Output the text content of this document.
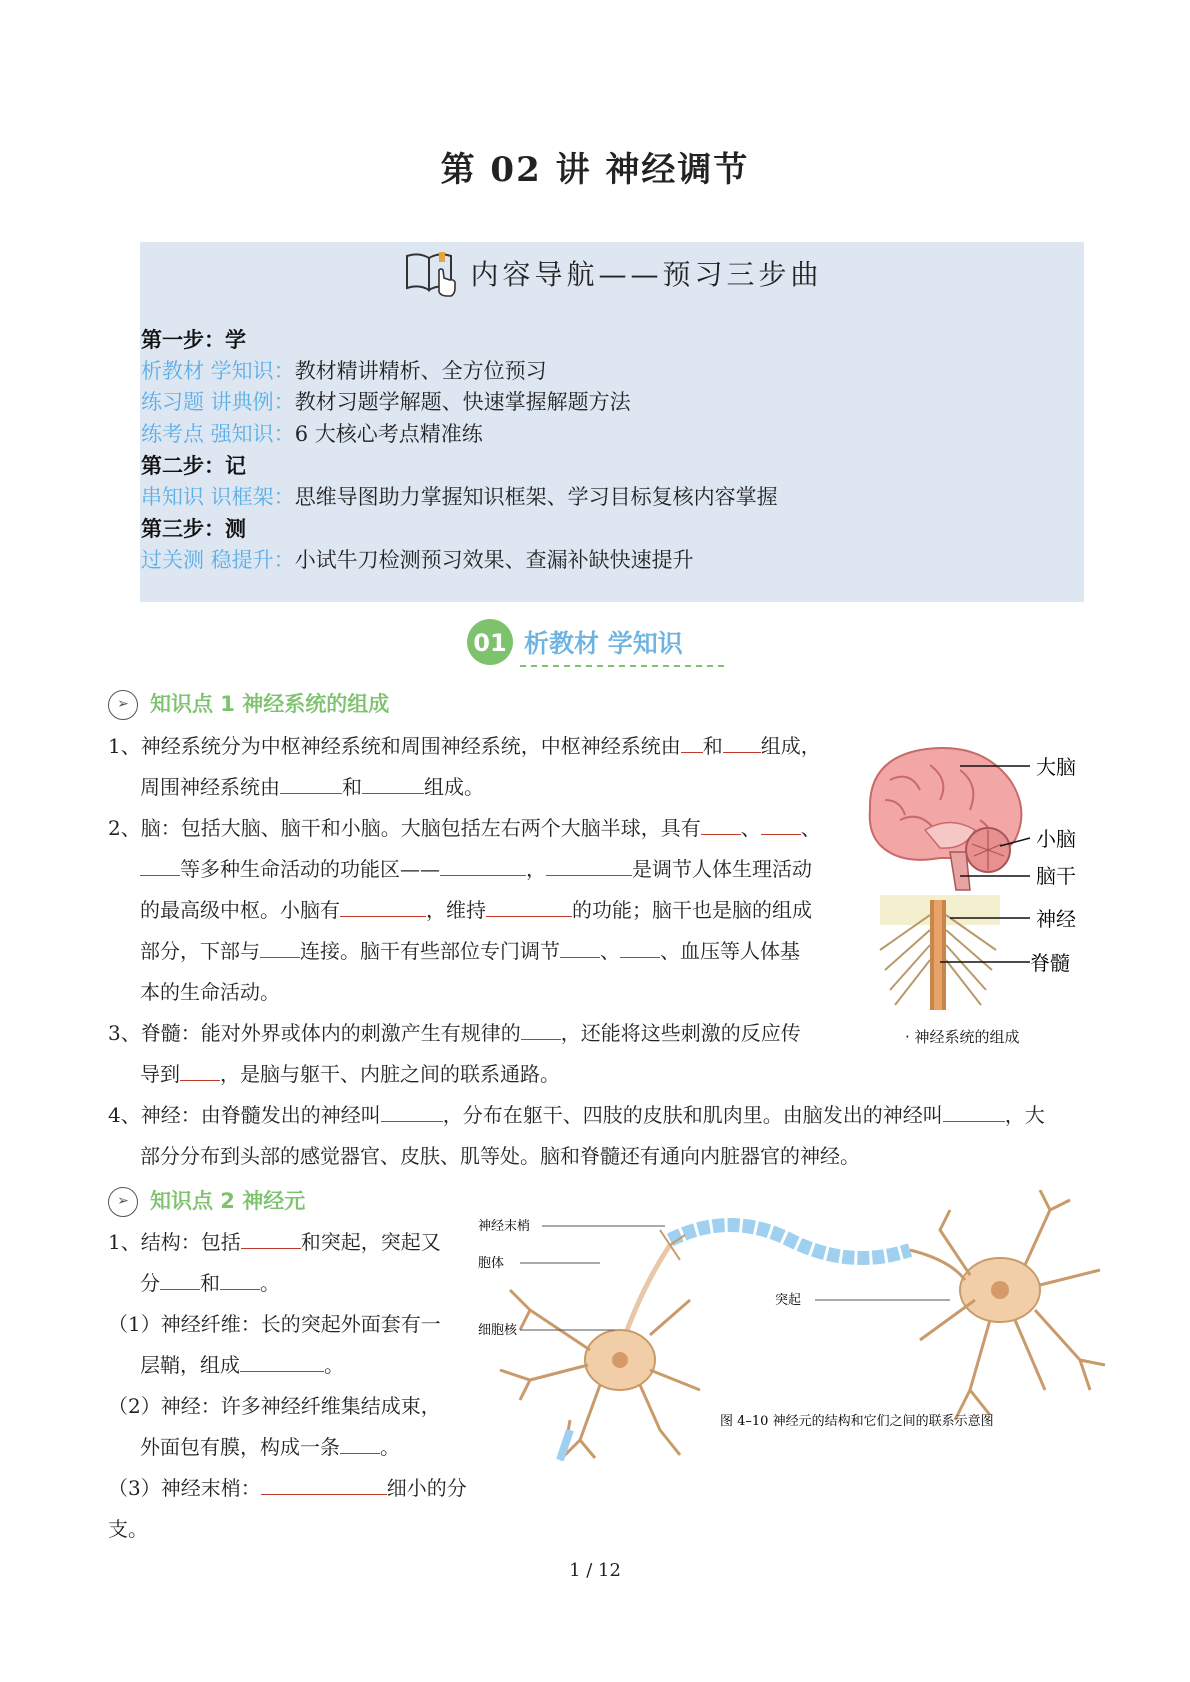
第 02 讲 神经调节
内容导航——预习三步曲
第一步：学
析教材 学知识：教材精讲精析、全方位预习
练习题 讲典例：教材习题学解题、快速掌握解题方法
练考点 强知识：6 大核心考点精准练
第二步：记
串知识 识框架：思维导图助力掌握知识框架、学习目标复核内容掌握
第三步：测
过关测 稳提升：小试牛刀检测预习效果、查漏补缺快速提升
01 析教材 学知识
➢ 知识点 1 神经系统的组成

1、神经系统分为中枢神经系统和周围神经系统，中枢神经系统由 和 组成，

周围神经系统由	和	组成。

2、脑：包括大脑、脑干和小脑。大脑包括左右两个大脑半球，具有 、 、

等多种生命活动的功能区——	，	是调节人体生理活动

的最高级中枢。小脑有	，维持	的功能；脑干也是脑的组成

部分，下部与 连接。脑干有些部位专门调节 、 、血压等人体基

本的生命活动。

3、脊髓：能对外界或体内的刺激产生有规律的 ，还能将这些刺激的反应传

导到 ，是脑与躯干、内脏之间的联系通路。

4、神经：由脊髓发出的神经叫	，分布在躯干、四肢的皮肤和肌肉里。由脑发出的神经叫	，大

部分分布到头部的感觉器官、皮肤、肌等处。脑和脊髓还有通向内脏器官的神经。

大脑
小脑
脑干
神经
脊髓
· 神经系统的组成
➢ 知识点 2 神经元

1、结构：包括	和突起，突起又

分 和 。

（1）神经纤维：长的突起外面套有一

层鞘，组成	。

（2）神经：许多神经纤维集结成束，

外面包有膜，构成一条 。

（3）神经末梢：	细小的分支。

神经末梢
胞体
细胞核
突起
图 4–10 神经元的结构和它们之间的联系示意图
1 / 12
